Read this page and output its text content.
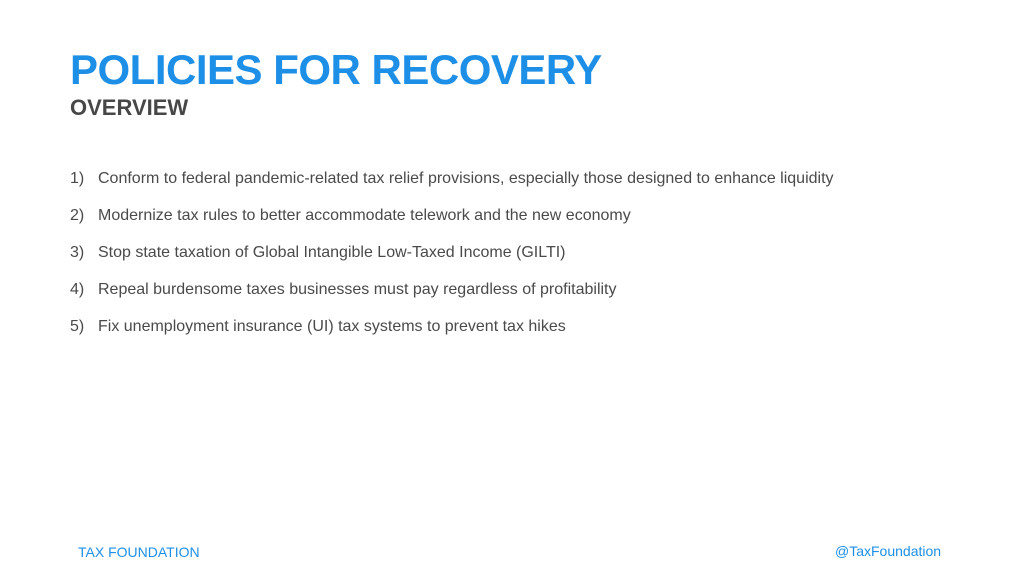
POLICIES FOR RECOVERY
OVERVIEW
1) Conform to federal pandemic-related tax relief provisions, especially those designed to enhance liquidity
2) Modernize tax rules to better accommodate telework and the new economy
3) Stop state taxation of Global Intangible Low-Taxed Income (GILTI)
4) Repeal burdensome taxes businesses must pay regardless of profitability
5) Fix unemployment insurance (UI) tax systems to prevent tax hikes
TAX FOUNDATION	@TaxFoundation
